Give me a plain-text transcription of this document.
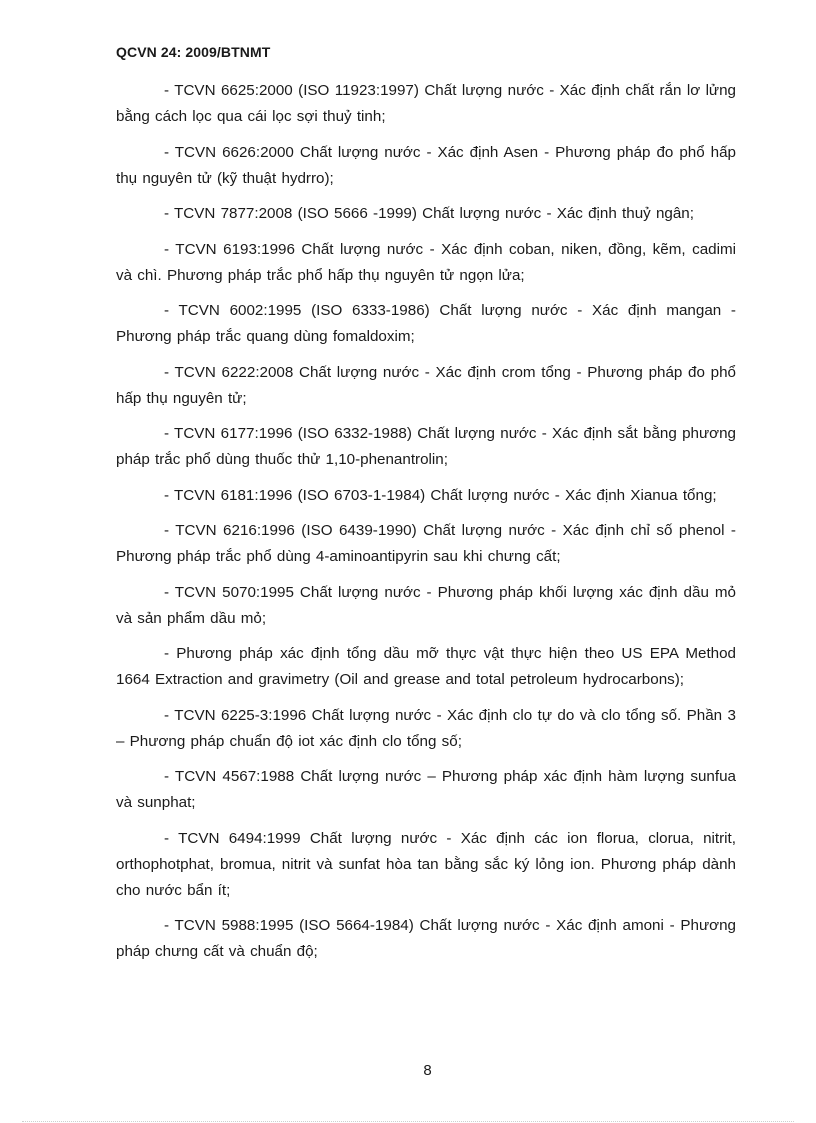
QCVN 24: 2009/BTNMT

- TCVN 6625:2000 (ISO 11923:1997) Chất lượng nước - Xác định chất rắn lơ lửng bằng cách lọc qua cái lọc sợi thuỷ tinh;

- TCVN 6626:2000 Chất lượng nước - Xác định Asen - Phương pháp đo phổ hấp thụ nguyên tử (kỹ thuật hydrro);

- TCVN 7877:2008 (ISO 5666 -1999) Chất lượng nước - Xác định thuỷ ngân;

- TCVN 6193:1996 Chất lượng nước - Xác định coban, niken, đồng, kẽm, cadimi và chì. Phương pháp trắc phổ hấp thụ nguyên tử ngọn lửa;

- TCVN 6002:1995 (ISO 6333-1986) Chất lượng nước - Xác định mangan - Phương pháp trắc quang dùng fomaldoxim;

- TCVN 6222:2008 Chất lượng nước - Xác định crom tổng - Phương pháp đo phổ hấp thụ nguyên tử;

- TCVN 6177:1996 (ISO 6332-1988) Chất lượng nước - Xác định sắt bằng phương pháp trắc phổ dùng thuốc thử 1,10-phenantrolin;

- TCVN 6181:1996 (ISO 6703-1-1984) Chất lượng nước - Xác định Xianua tổng;

- TCVN 6216:1996 (ISO 6439-1990) Chất lượng nước - Xác định chỉ số phenol - Phương pháp trắc phổ dùng 4-aminoantipyrin sau khi chưng cất;

- TCVN 5070:1995 Chất lượng nước - Phương pháp khối lượng xác định dầu mỏ và sản phẩm dầu mỏ;

- Phương pháp xác định tổng dầu mỡ thực vật thực hiện theo US EPA Method 1664 Extraction and gravimetry (Oil and grease and total petroleum hydrocarbons);

- TCVN 6225-3:1996 Chất lượng nước - Xác định clo tự do và clo tổng số. Phần 3 – Phương pháp chuẩn độ iot xác định clo tổng số;

- TCVN 4567:1988 Chất lượng nước – Phương pháp xác định hàm lượng sunfua và sunphat;

- TCVN 6494:1999 Chất lượng nước - Xác định các ion florua, clorua, nitrit, orthophotphat, bromua, nitrit và sunfat hòa tan bằng sắc ký lỏng ion. Phương pháp dành cho nước bẩn ít;

- TCVN 5988:1995 (ISO 5664-1984) Chất lượng nước - Xác định amoni - Phương pháp chưng cất và chuẩn độ;

8
